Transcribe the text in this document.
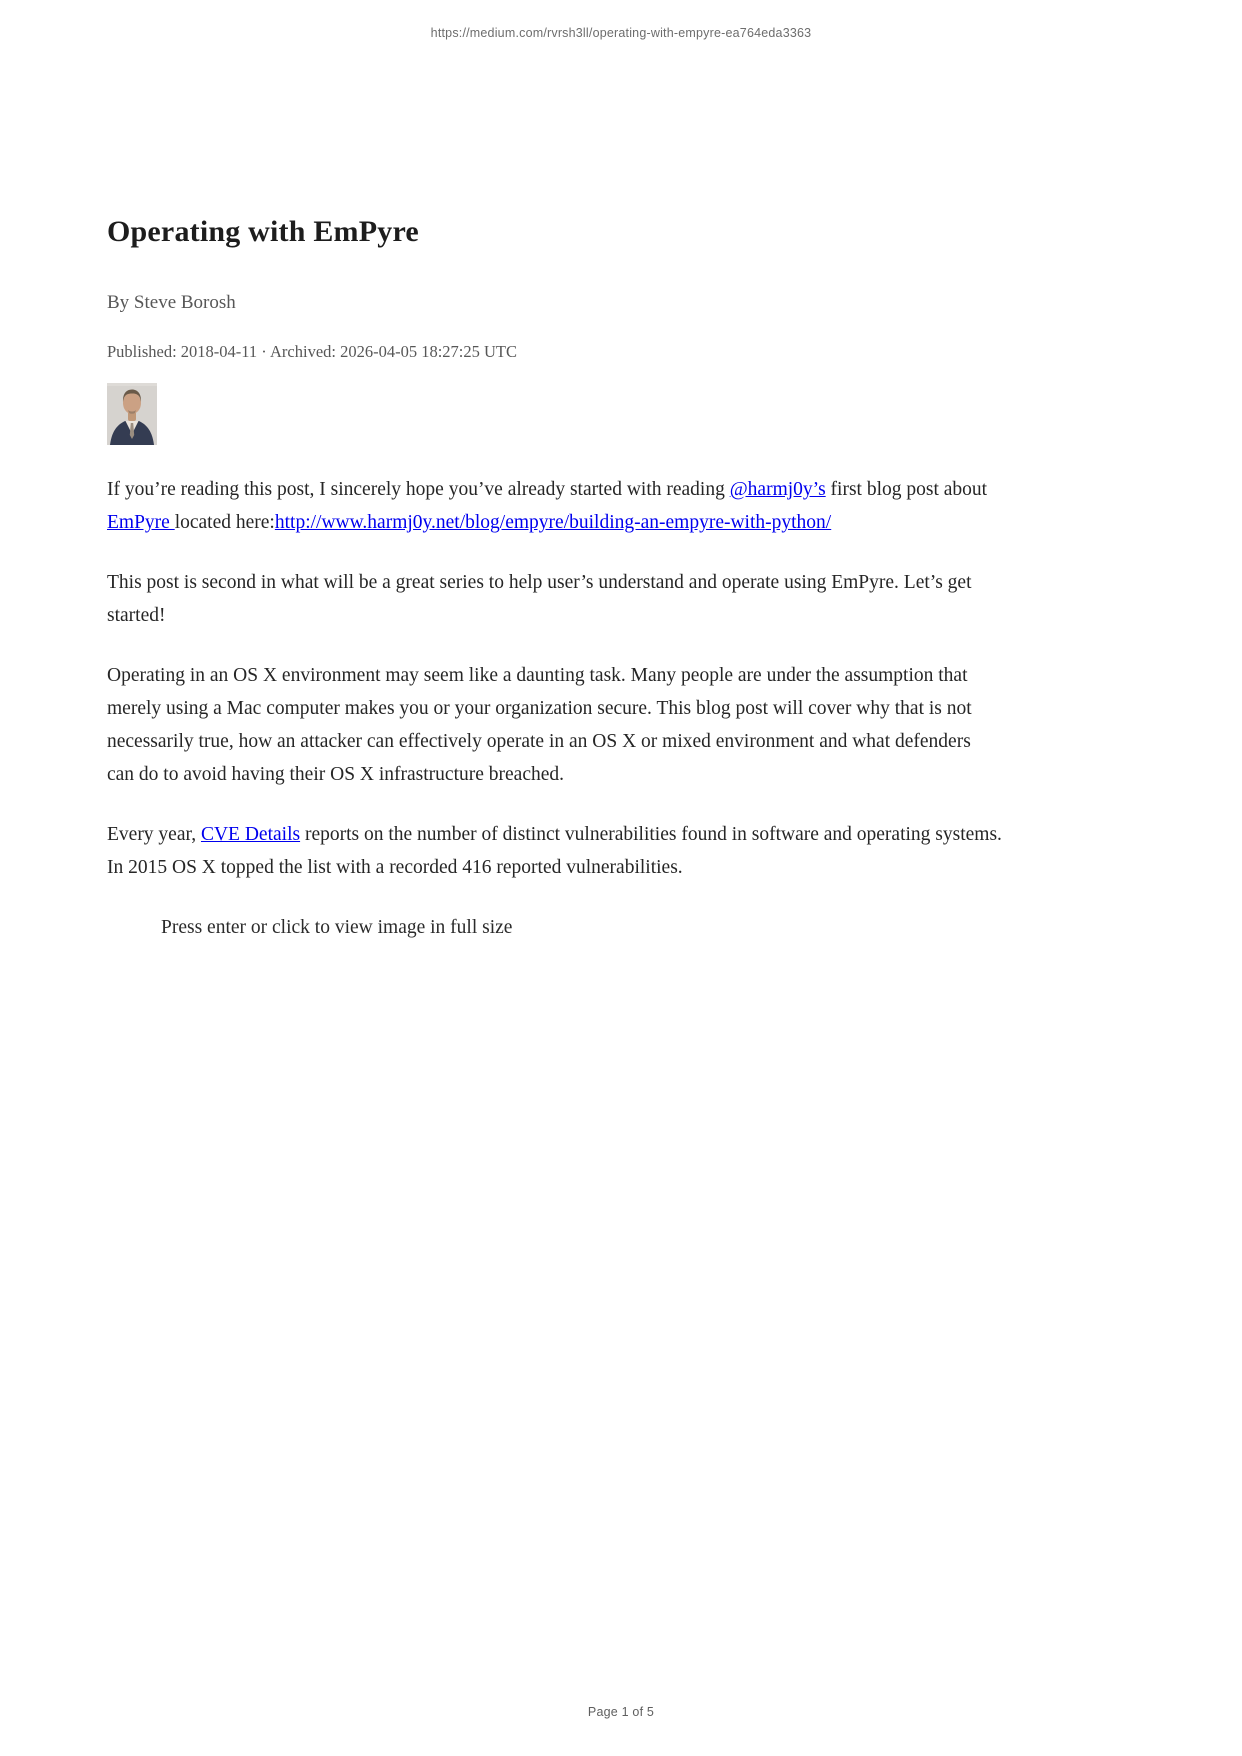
https://medium.com/rvrsh3ll/operating-with-empyre-ea764eda3363
Operating with EmPyre
By Steve Borosh
Published: 2018-04-11 · Archived: 2026-04-05 18:27:25 UTC

If you’re reading this post, I sincerely hope you’ve already started with reading @harmj0y’s first blog post about
EmPyre located here:http://www.harmj0y.net/blog/empyre/building-an-empyre-with-python/

This post is second in what will be a great series to help user’s understand and operate using EmPyre. Let’s get
started!

Operating in an OS X environment may seem like a daunting task. Many people are under the assumption that
merely using a Mac computer makes you or your organization secure. This blog post will cover why that is not
necessarily true, how an attacker can effectively operate in an OS X or mixed environment and what defenders
can do to avoid having their OS X infrastructure breached.

Every year, CVE Details reports on the number of distinct vulnerabilities found in software and operating systems.
In 2015 OS X topped the list with a recorded 416 reported vulnerabilities.

Press enter or click to view image in full size

Page 1 of 5
